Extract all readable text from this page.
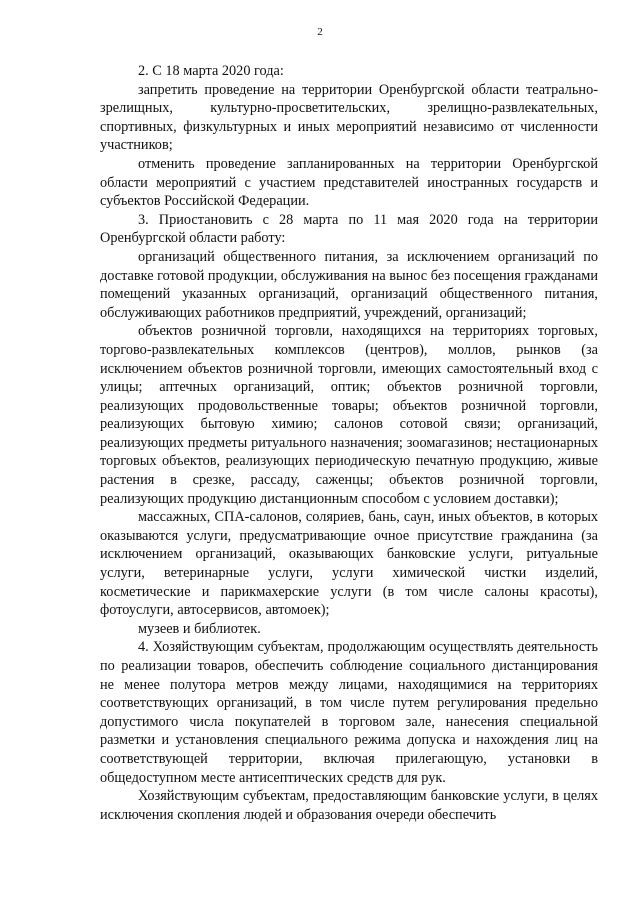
2

2. С 18 марта 2020 года:

запретить проведение на территории Оренбургской области театрально-зрелищных, культурно-просветительских, зрелищно-развлекательных, спортивных, физкультурных и иных мероприятий независимо от численности участников;

отменить проведение запланированных на территории Оренбургской области мероприятий с участием представителей иностранных государств и субъектов Российской Федерации.

3. Приостановить с 28 марта по 11 мая 2020 года на территории Оренбургской области работу:

организаций общественного питания, за исключением организаций по доставке готовой продукции, обслуживания на вынос без посещения гражданами помещений указанных организаций, организаций общественного питания, обслуживающих работников предприятий, учреждений, организаций;

объектов розничной торговли, находящихся на территориях торговых, торгово-развлекательных комплексов (центров), моллов, рынков (за исключением объектов розничной торговли, имеющих самостоятельный вход с улицы; аптечных организаций, оптик; объектов розничной торговли, реализующих продовольственные товары; объектов розничной торговли, реализующих бытовую химию; салонов сотовой связи; организаций, реализующих предметы ритуального назначения; зоомагазинов; нестационарных торговых объектов, реализующих периодическую печатную продукцию, живые растения в срезке, рассаду, саженцы; объектов розничной торговли, реализующих продукцию дистанционным способом с условием доставки);

массажных, СПА-салонов, соляриев, бань, саун, иных объектов, в которых оказываются услуги, предусматривающие очное присутствие гражданина (за исключением организаций, оказывающих банковские услуги, ритуальные услуги, ветеринарные услуги, услуги химической чистки изделий, косметические и парикмахерские услуги (в том числе салоны красоты), фотоуслуги, автосервисов, автомоек);

музеев и библиотек.

4. Хозяйствующим субъектам, продолжающим осуществлять деятельность по реализации товаров, обеспечить соблюдение социального дистанцирования не менее полутора метров между лицами, находящимися на территориях соответствующих организаций, в том числе путем регулирования предельно допустимого числа покупателей в торговом зале, нанесения специальной разметки и установления специального режима допуска и нахождения лиц на соответствующей территории, включая прилегающую, установки в общедоступном месте антисептических средств для рук.

Хозяйствующим субъектам, предоставляющим банковские услуги, в целях исключения скопления людей и образования очереди обеспечить
